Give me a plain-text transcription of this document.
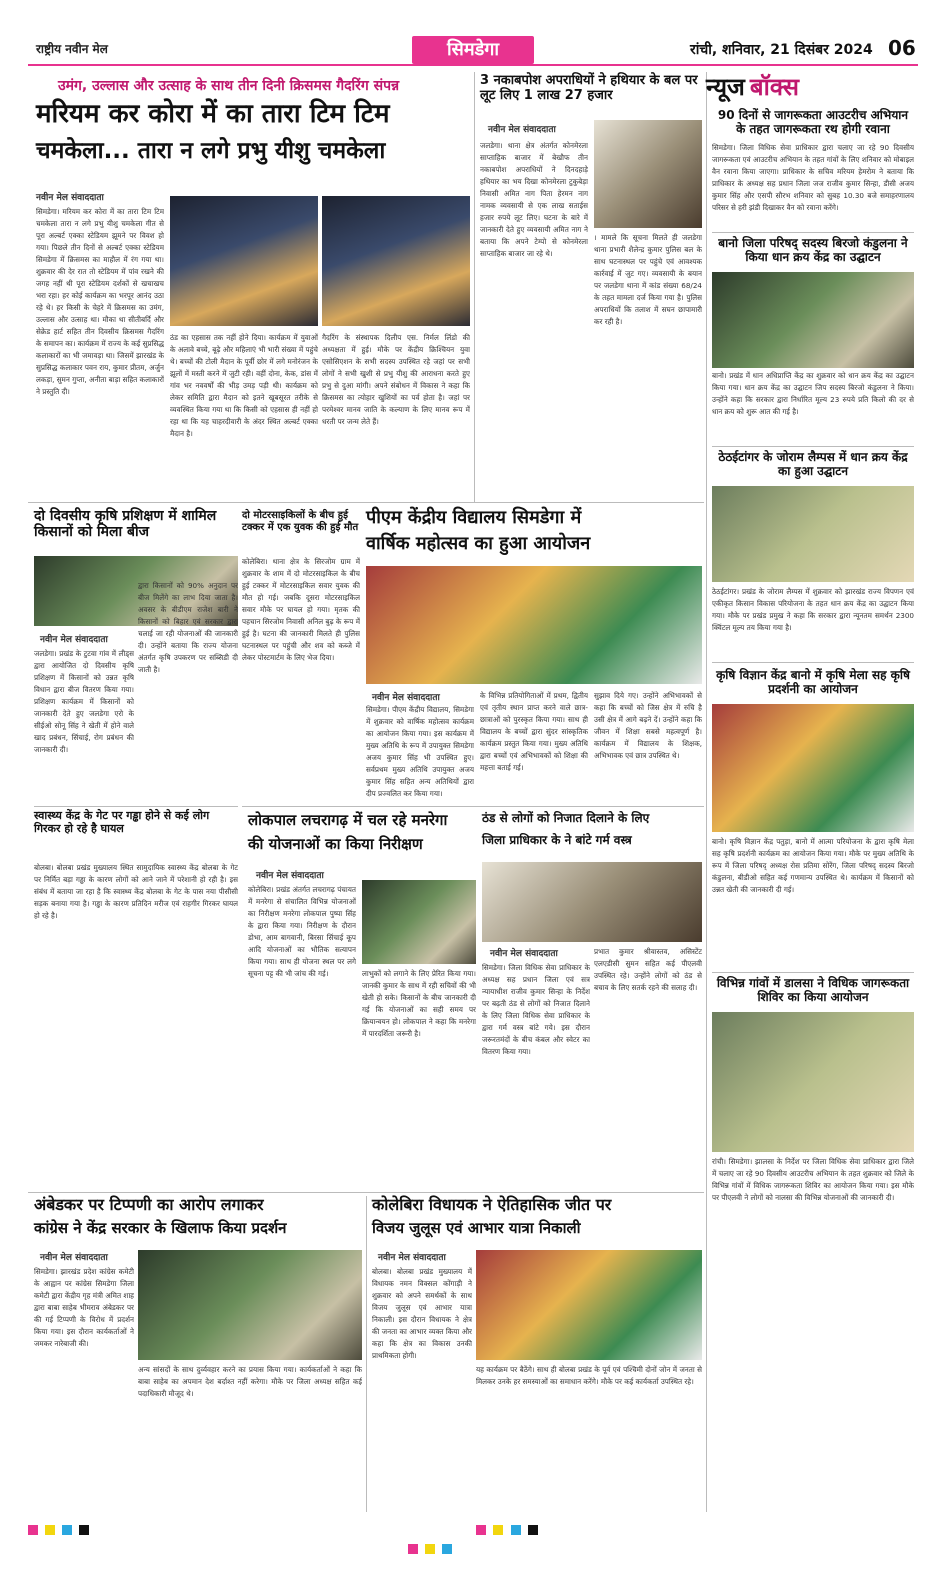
राष्ट्रीय नवीन मेल	सिमडेगा	रांची, शनिवार, 21 दिसंबर 2024 06
उमंग, उल्लास और उत्साह के साथ तीन दिनी क्रिसमस गैदरिंग संपन्न
मरियम कर कोरा में का तारा टिम टिम
चमकेला... तारा न लगे प्रभु यीशु चमकेला
नवीन मेल संवाददाता
सिमडेगा। मरियम कर कोरा में का तारा टिम टिम चमकेला तारा न लगे प्रभु यीशु चमकेला गीत से पूरा अल्बर्ट एक्का स्टेडियम झूमने पर विवश हो गया। पिछले तीन दिनों से अल्बर्ट एक्का स्टेडियम सिमडेगा में क्रिसमस का माहौल में रंग गया था। शुक्रवार की देर रात तो स्टेडियम में पांव रखने की जगह नहीं थी पूरा स्टेडियम दर्शकों से खचाखच भरा रहा। हर कोई कार्यक्रम का भरपूर आनंद उठा रहे थे। हर किसी के चेहरे में क्रिसमस का उमंग, उल्लास और उत्साह था। मौका था सीतीबर्दि और सेक्रेड हार्ट सहित तीन दिवसीय क्रिसमस गैदरिंग के समापन का। कार्यक्रम में राज्य के कई सुप्रसिद्ध कलाकारों का भी जमावड़ा था। जिसमें झारखंड के सुप्रसिद्ध कलाकार पवन राय, कुमार प्रीतम, अर्जुन लकड़ा, सुमन गुप्ता, अनीता बाड़ा सहित कलाकारों ने प्रस्तुति दी।
ठंड का एहसास तक नहीं होने दिया। कार्यक्रम में युवाओं के अलावे बच्चे, बूढ़े और महिलाएं भी भारी संख्या में पहुंचे थे। बच्चों की टोली मैदान के पूर्वी छोर में लगे मनोरंजन के झूलों में मस्ती करने में जुटी रही। वहीं दोना, केक, डांस में गांव भर नववर्षों की भीड़ उमड़ पड़ी थी। कार्यक्रम को लेकर समिति द्वारा मैदान को इतने खूबसूरत तरीके से व्यवस्थित किया गया था कि किसी को एहसास ही नहीं हो रहा था कि यह चाहरदीवारी के अंदर स्थित अल्बर्ट एक्का मैदान है।
गैदरिंग के संस्थापक दिलीप एस. निर्मल लिंडो की अध्यक्षता में हुई। मौके पर केंद्रीय क्रिश्चियन युवा एसोसिएशन के सभी सदस्य उपस्थित रहे जहां पर सभी लोगों ने सभी खुशी से प्रभु यीशु की आराधना करते हुए प्रभु से दुआ मांगी। अपने संबोधन में विकास ने कहा कि क्रिसमस का त्योहार खुशियों का पर्व होता है। जहां पर परमेश्वर मानव जाति के कल्याण के लिए मानव रूप में धरती पर जन्म लेते हैं।
3 नकाबपोश अपराधियों ने हथियार के बल पर लूट लिए 1 लाख 27 हजार
नवीन मेल संवाददाता
जलडेगा। थाना क्षेत्र अंतर्गत कोनमेरला साप्ताहिक बाजार में बेखौफ तीन नकाबपोश अपराधियों ने दिनदहाड़े हथियार का भय दिखा कोनमेरला टुकुबेड़ा निवासी अमित नाग पिता हेरमन नाग नामक व्यवसायी से एक लाख सताईस हजार रुपये लूट लिए। घटना के बारे में जानकारी देते हुए व्यवसायी अमित नाग ने बताया कि अपने टेम्पो से कोनमेरला साप्ताहिक बाजार जा रहे थे।
। मामले कि सूचना मिलते ही जलडेगा थाना प्रभारी शैलेन्द्र कुमार पुलिस बल के साथ घटनास्थल पर पहुंचे एवं आवश्यक कार्रवाई में जुट गए। व्यवसायी के बयान पर जलडेगा थाना में कांड संख्या 68/24 के तहत मामला दर्ज किया गया है। पुलिस अपराधियों कि तलाश में सघन छापामारी कर रही है।
न्यूज बॉक्स
90 दिनों से जागरूकता आउटरीच अभियान के तहत जागरूकता रथ होगी रवाना
सिमडेगा। जिला विधिक सेवा प्राधिकार द्वारा चलाए जा रहे 90 दिवसीय जागरूकता एवं आउटरीच अभियान के तहत गांवों के लिए शनिवार को मोबाइल वैन रवाना किया जाएगा। प्राधिकार के सचिव मरियम हेमरोम ने बताया कि प्राधिकार के अध्यक्ष सह प्रधान जिला जज राजीव कुमार सिन्हा, डीसी अजय कुमार सिंह और एसपी सौरभ शनिवार को सुबह 10.30 बजे समाहरणालय परिसर से हरी झंडी दिखाकर वैन को रवाना करेंगे।
बानो जिला परिषद् सदस्य बिरजो कंडुलना ने किया धान क्रय केंद्र का उद्घाटन
बानो। प्रखंड में धान अधिप्राप्ति केंद्र का शुक्रवार को धान क्रय केंद्र का उद्घाटन किया गया। धान क्रय केंद्र का उद्घाटन जिप सदस्य बिरजो कंडुलना ने किया। उन्होंने कहा कि सरकार द्वारा निर्धारित मूल्य 23 रुपये प्रति किलो की दर से धान क्रय को शुरू आत की गई है।
ठेठईटांगर के जोराम लैम्पस में धान क्रय केंद्र का हुआ उद्घाटन
ठेठईटांगर। प्रखंड के जोराम लैम्पस में शुक्रवार को झारखंड राज्य विपणन एवं एकीकृत किसान विकास परियोजना के तहत धान क्रय केंद्र का उद्घाटन किया गया। मौके पर प्रखंड प्रमुख ने कहा कि सरकार द्वारा न्यूनतम समर्थन 2300 क्विंटल मूल्य तय किया गया है।
कृषि विज्ञान केंद्र बानो में कृषि मेला सह कृषि प्रदर्शनी का आयोजन
बानो। कृषि विज्ञान केंद्र पतुड़ा, बानो में आत्मा परियोजना के द्वारा कृषि मेला सह कृषि प्रदर्शनी कार्यक्रम का आयोजन किया गया। मौके पर मुख्य अतिथि के रूप में जिला परिषद् अध्यक्ष रोस प्रतिमा सोरेंग, जिला परिषद् सदस्य बिरजो कंडुलना, बीडीओ सहित कई गणमान्य उपस्थित थे। कार्यक्रम में किसानों को उन्नत खेती की जानकारी दी गई।
विभिन्न गांवों में डालसा ने विधिक जागरूकता शिविर का किया आयोजन
रांची। सिमडेगा। झालसा के निर्देश पर जिला विधिक सेवा प्राधिकार द्वारा जिले में चलाए जा रहे 90 दिवसीय आउटरीच अभियान के तहत शुक्रवार को जिले के विभिन्न गांवों में विधिक जागरूकता शिविर का आयोजन किया गया। इस मौके पर पीएलवी ने लोगों को नालसा की विभिन्न योजनाओं की जानकारी दी।
दो दिवसीय कृषि प्रशिक्षण में शामिल किसानों को मिला बीज
नवीन मेल संवाददाता
जलडेगा। प्रखंड के टुटवा गांव में लीड्स द्वारा आयोजित दो दिवसीय कृषि प्रशिक्षण में किसानों को उन्नत कृषि विधान द्वारा बीज वितरण किया गया। प्रशिक्षण कार्यक्रम में किसानों को जानकारी देते हुए जलडेगा एरो के सीईओ सोनू सिंह ने खेती में होने वाले खाद प्रबंधन, सिंचाई, रोग प्रबंधन की जानकारी दी।
द्वारा किसानों को 90% अनुदान पर बीज मिलेंगे का लाभ दिया जाता है। अवसर के बीडीएम राजेश बारी ने किसानों को बिहार एवं सरकार द्वारा चलाई जा रही योजनाओं की जानकारी दी। उन्होंने बताया कि राज्य योजना अंतर्गत कृषि उपकरण पर सब्सिडी दी जाती है।
स्वास्थ्य केंद्र के गेट पर गड्ढा होने से कई लोग गिरकर हो रहे है घायल
बोलबा। बोलबा प्रखंड मुख्यालय स्थित सामुदायिक स्वास्थ्य केंद्र बोलबा के गेट पर निर्मित बड़ा गड्ढा के कारण लोगों को आने जाने में परेशानी हो रही है। इस संबंध में बताया जा रहा है कि स्वास्थ्य केंद्र बोलबा के गेट के पास नया पीसीसी सड़क बनाया गया है। गड्ढा के कारण प्रतिदिन मरीज एवं राहगीर गिरकर घायल हो रहे है।
दो मोटरसाइकिलों के बीच हुई टक्कर में एक युवक की हुई मौत
कोलेबिरा। थाना क्षेत्र के सिरजोम ग्राम में शुक्रवार के शाम में दो मोटरसाइकिल के बीच हुई टक्कर में मोटरसाइकिल सवार युवक की मौत हो गई। जबकि दूसरा मोटरसाइकिल सवार मौके पर घायल हो गया। मृतक की पहचान सिरजोम निवासी अनिल बुढ़ के रूप में हुई है। घटना की जानकारी मिलते ही पुलिस घटनास्थल पर पहुंची और शव को कब्जे में लेकर पोस्टमार्टम के लिए भेज दिया।
पीएम केंद्रीय विद्यालय सिमडेगा में
वार्षिक महोत्सव का हुआ आयोजन
नवीन मेल संवाददाता
सिमडेगा। पीएम केंद्रीय विद्यालय, सिमडेगा में शुक्रवार को वार्षिक महोत्सव कार्यक्रम का आयोजन किया गया। इस कार्यक्रम में मुख्य अतिथि के रूप में उपायुक्त सिमडेगा अजय कुमार सिंह भी उपस्थित हुए। सर्वप्रथम मुख्य अतिथि उपायुक्त अजय कुमार सिंह सहित अन्य अतिथियों द्वारा दीप प्रज्वलित कर किया गया।
के विभिन्न प्रतियोगिताओं में प्रथम, द्वितीय एवं तृतीय स्थान प्राप्त करने वाले छात्र-छात्राओं को पुरस्कृत किया गया। साथ ही विद्यालय के बच्चों द्वारा सुंदर सांस्कृतिक कार्यक्रम प्रस्तुत किया गया। मुख्य अतिथि द्वारा बच्चों एवं अभिभावकों को शिक्षा की महत्ता बताई गई।
सुझाव दिये गए। उन्होंने अभिभावकों से कहा कि बच्चों को जिस क्षेत्र में रुचि है उसी क्षेत्र में आगे बढ़ने दें। उन्होंने कहा कि जीवन में शिक्षा सबसे महत्वपूर्ण है। कार्यक्रम में विद्यालय के शिक्षक, अभिभावक एवं छात्र उपस्थित थे।
लोकपाल लचरागढ़ में चल रहे मनरेगा
की योजनाओं का किया निरीक्षण
नवीन मेल संवाददाता
कोलेबिरा। प्रखंड अंतर्गत लचरागढ़ पंचायत में मनरेगा से संचालित विभिन्न योजनाओं का निरीक्षण मनरेगा लोकपाल पुष्पा सिंह के द्वारा किया गया। निरीक्षण के दौरान डोभा, आम बागवानी, बिरसा सिंचाई कूप आदि योजनाओं का भौतिक सत्यापन किया गया। साथ ही योजना स्थल पर लगे सूचना पट्ट की भी जांच की गई।	लाभुकों को लगाने के लिए प्रेरित किया गया। जानकी कुमार के साथ में रही सचिवों की भी खेती हो सके। किसानों के बीच जानकारी दी गई कि योजनाओं का सही समय पर क्रियान्वयन हो। लोकपाल ने कहा कि मनरेगा में पारदर्शिता जरूरी है।
ठंड से लोगों को निजात दिलाने के लिए
जिला प्राधिकार के ने बांटे गर्म वस्त्र
नवीन मेल संवाददाता
सिमडेगा। जिला विधिक सेवा प्राधिकार के अध्यक्ष सह प्रधान जिला एवं सत्र न्यायाधीश राजीव कुमार सिन्हा के निर्देश पर बढ़ती ठंड से लोगों को निजात दिलाने के लिए जिला विधिक सेवा प्राधिकार के द्वारा गर्म वस्त्र बांटे गये। इस दौरान जरूरतमंदों के बीच कंबल और स्वेटर का वितरण किया गया।
प्रभात कुमार श्रीवास्तव, असिस्टेंट एलएडीसी सुमन सहित कई पीएलवी उपस्थित रहे। उन्होंने लोगों को ठंड से बचाव के लिए सतर्क रहने की सलाह दी।
अंबेडकर पर टिप्पणी का आरोप लगाकर
कांग्रेस ने केंद्र सरकार के खिलाफ किया प्रदर्शन
नवीन मेल संवाददाता
सिमडेगा। झारखंड प्रदेश कांग्रेस कमेटी के आह्वान पर कांग्रेस सिमडेगा जिला कमेटी द्वारा केंद्रीय गृह मंत्री अमित शाह द्वारा बाबा साहेब भीमराव अंबेडकर पर की गई टिप्पणी के विरोध में प्रदर्शन किया गया। इस दौरान कार्यकर्ताओं ने जमकर नारेबाजी की।
अन्य सांसदों के साथ दुर्व्यवहार करने का प्रयास किया गया। कार्यकर्ताओं ने कहा कि बाबा साहेब का अपमान देश बर्दाश्त नहीं करेगा। मौके पर जिला अध्यक्ष सहित कई पदाधिकारी मौजूद थे।
कोलेबिरा विधायक ने ऐतिहासिक जीत पर
विजय जुलूस एवं आभार यात्रा निकाली
नवीन मेल संवाददाता
बोलबा। बोलबा प्रखंड मुख्यालय में विधायक नमन विक्सल कोंगाड़ी ने शुक्रवार को अपने समर्थकों के साथ विजय जुलूस एवं आभार यात्रा निकाली। इस दौरान विधायक ने क्षेत्र की जनता का आभार व्यक्त किया और कहा कि क्षेत्र का विकास उनकी प्राथमिकता होगी।
यह कार्यक्रम पर बैठेंगे। साथ ही बोलबा प्रखंड के पूर्व एवं पश्चिमी दोनों जोन में जनता से मिलकर उनके हर समस्याओं का समाधान करेंगे। मौके पर कई कार्यकर्ता उपस्थित रहे।
